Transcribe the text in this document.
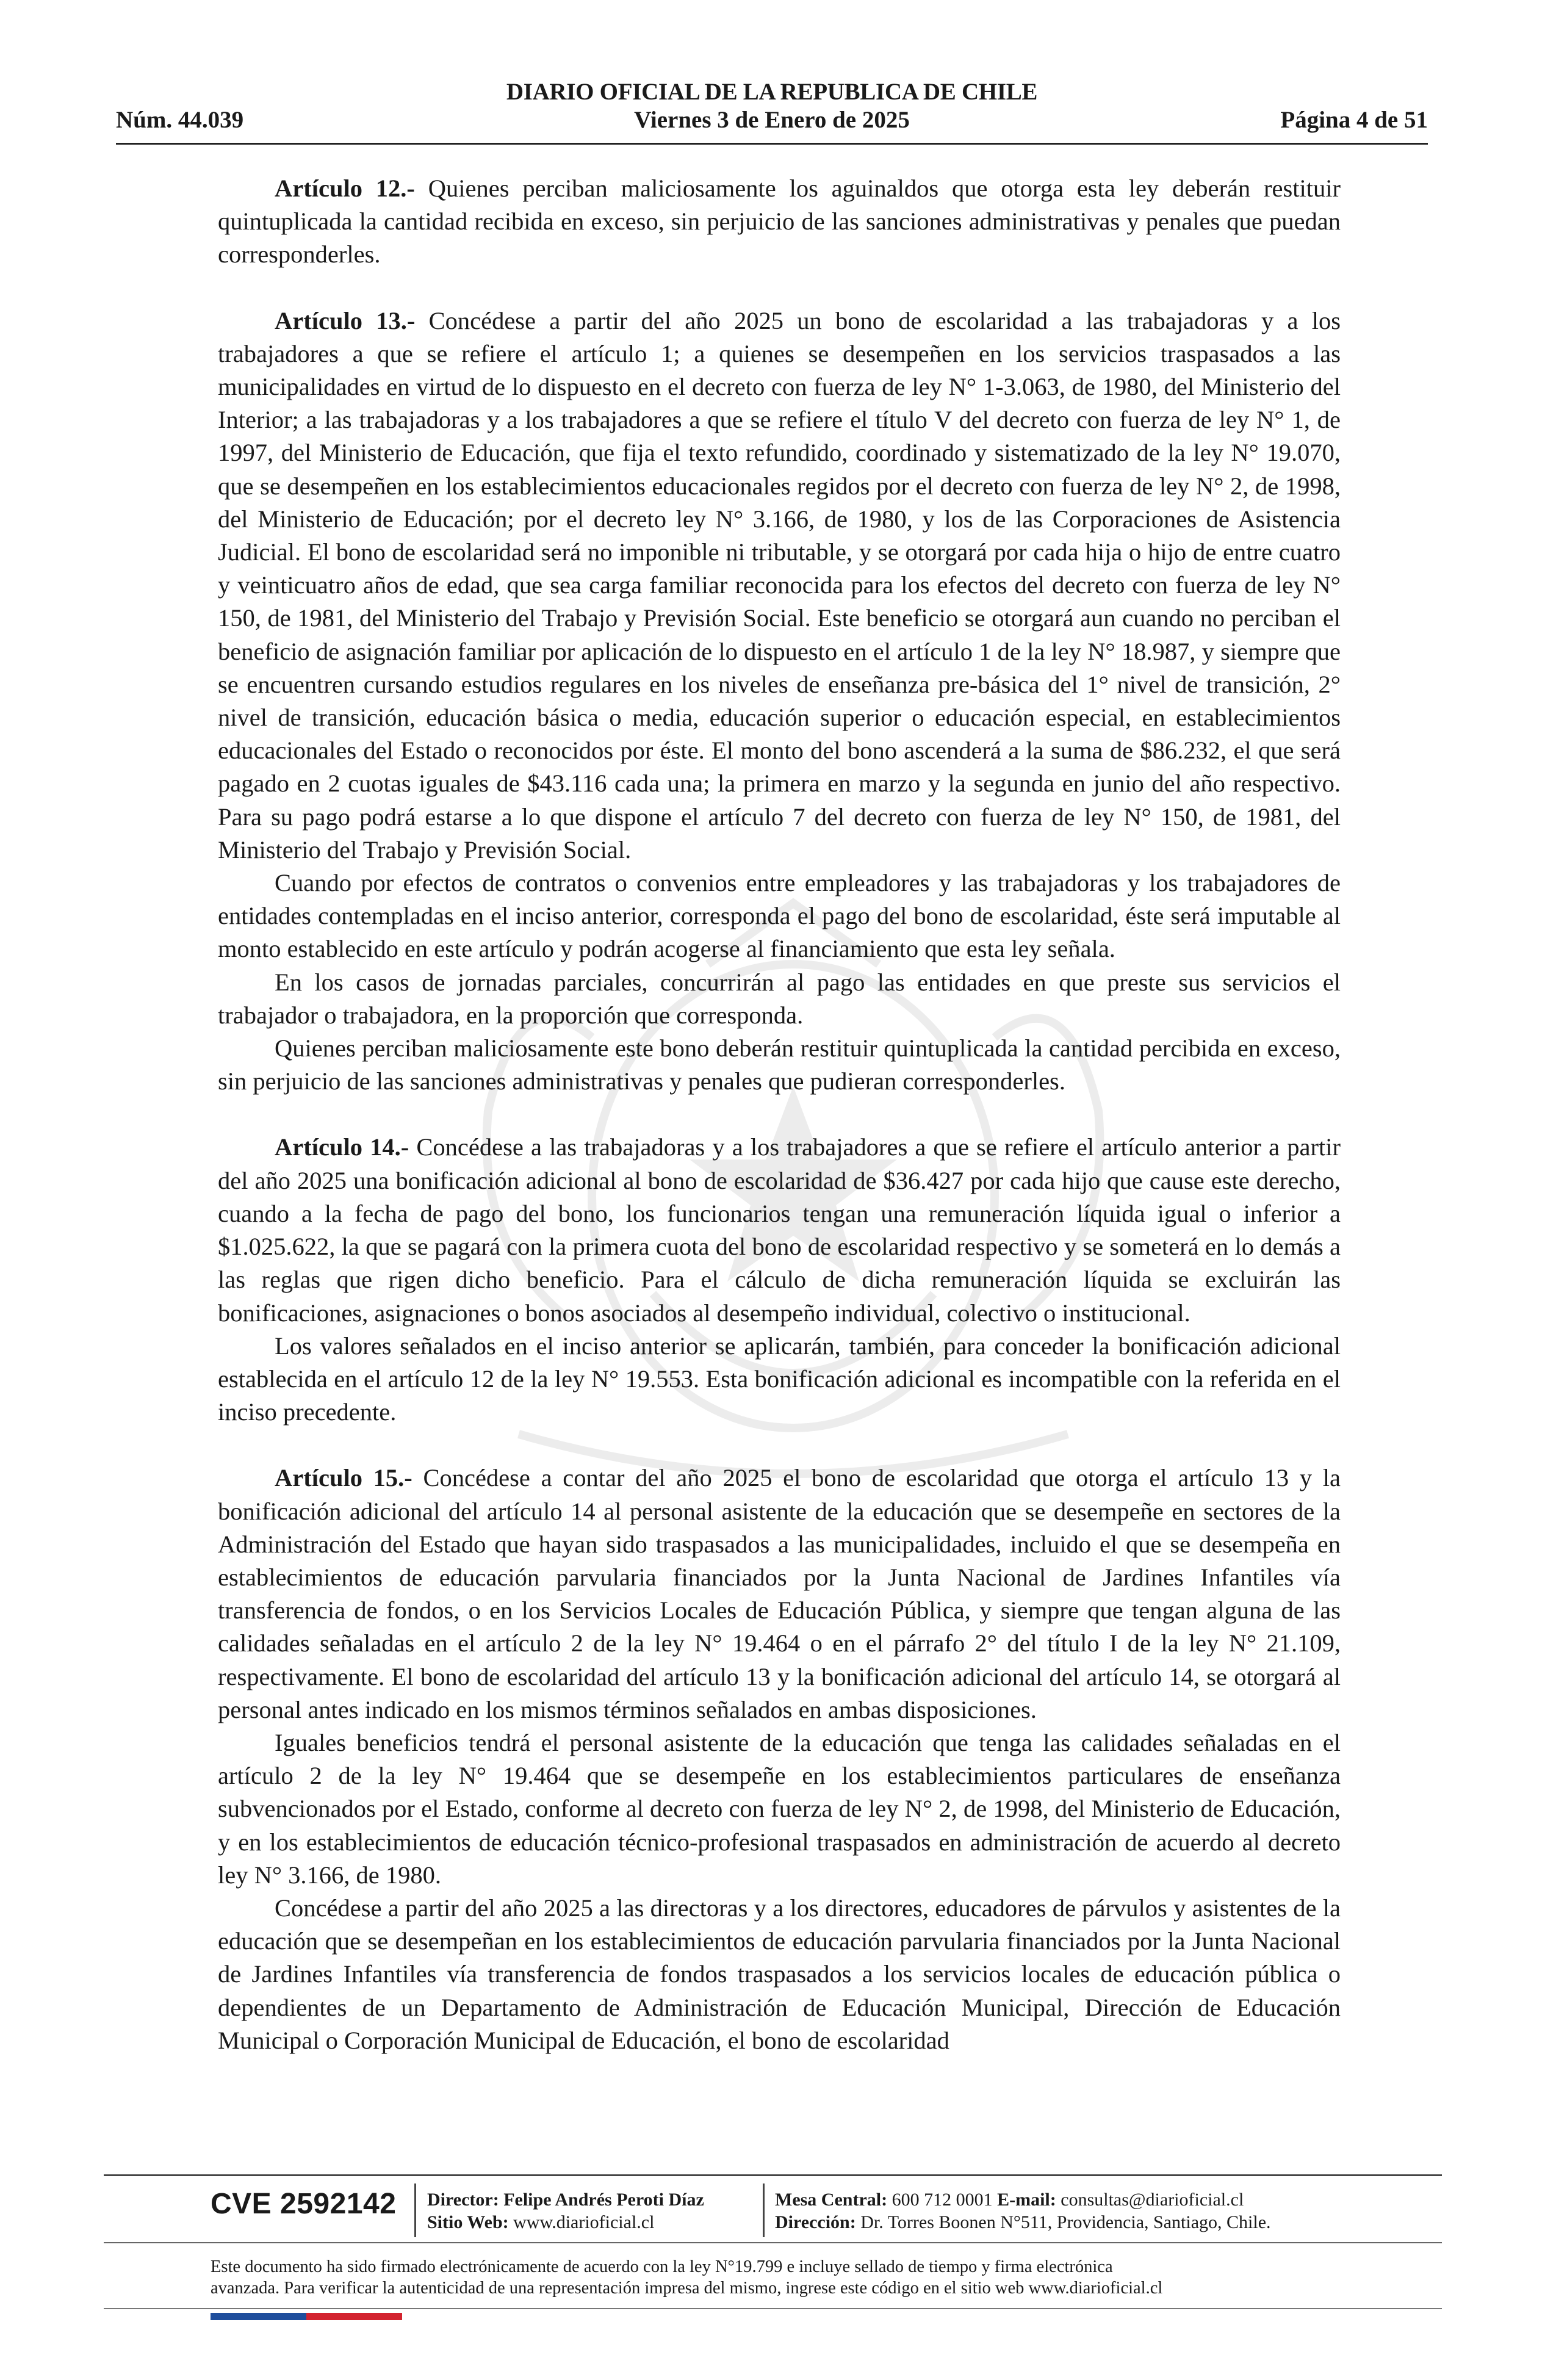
DIARIO OFICIAL DE LA REPUBLICA DE CHILE
Núm. 44.039	Viernes 3 de Enero de 2025	Página 4 de 51

Artículo 12.- Quienes perciban maliciosamente los aguinaldos que otorga esta ley deberán restituir quintuplicada la cantidad recibida en exceso, sin perjuicio de las sanciones administrativas y penales que puedan corresponderles.

Artículo 13.- Concédese a partir del año 2025 un bono de escolaridad a las trabajadoras y a los trabajadores a que se refiere el artículo 1; a quienes se desempeñen en los servicios traspasados a las municipalidades en virtud de lo dispuesto en el decreto con fuerza de ley N° 1-3.063, de 1980, del Ministerio del Interior; a las trabajadoras y a los trabajadores a que se refiere el título V del decreto con fuerza de ley N° 1, de 1997, del Ministerio de Educación, que fija el texto refundido, coordinado y sistematizado de la ley N° 19.070, que se desempeñen en los establecimientos educacionales regidos por el decreto con fuerza de ley N° 2, de 1998, del Ministerio de Educación; por el decreto ley N° 3.166, de 1980, y los de las Corporaciones de Asistencia Judicial. El bono de escolaridad será no imponible ni tributable, y se otorgará por cada hija o hijo de entre cuatro y veinticuatro años de edad, que sea carga familiar reconocida para los efectos del decreto con fuerza de ley N° 150, de 1981, del Ministerio del Trabajo y Previsión Social. Este beneficio se otorgará aun cuando no perciban el beneficio de asignación familiar por aplicación de lo dispuesto en el artículo 1 de la ley N° 18.987, y siempre que se encuentren cursando estudios regulares en los niveles de enseñanza pre-básica del 1° nivel de transición, 2° nivel de transición, educación básica o media, educación superior o educación especial, en establecimientos educacionales del Estado o reconocidos por éste. El monto del bono ascenderá a la suma de $86.232, el que será pagado en 2 cuotas iguales de $43.116 cada una; la primera en marzo y la segunda en junio del año respectivo. Para su pago podrá estarse a lo que dispone el artículo 7 del decreto con fuerza de ley N° 150, de 1981, del Ministerio del Trabajo y Previsión Social.

Cuando por efectos de contratos o convenios entre empleadores y las trabajadoras y los trabajadores de entidades contempladas en el inciso anterior, corresponda el pago del bono de escolaridad, éste será imputable al monto establecido en este artículo y podrán acogerse al financiamiento que esta ley señala.

En los casos de jornadas parciales, concurrirán al pago las entidades en que preste sus servicios el trabajador o trabajadora, en la proporción que corresponda.

Quienes perciban maliciosamente este bono deberán restituir quintuplicada la cantidad percibida en exceso, sin perjuicio de las sanciones administrativas y penales que pudieran corresponderles.

Artículo 14.- Concédese a las trabajadoras y a los trabajadores a que se refiere el artículo anterior a partir del año 2025 una bonificación adicional al bono de escolaridad de $36.427 por cada hijo que cause este derecho, cuando a la fecha de pago del bono, los funcionarios tengan una remuneración líquida igual o inferior a $1.025.622, la que se pagará con la primera cuota del bono de escolaridad respectivo y se someterá en lo demás a las reglas que rigen dicho beneficio. Para el cálculo de dicha remuneración líquida se excluirán las bonificaciones, asignaciones o bonos asociados al desempeño individual, colectivo o institucional.

Los valores señalados en el inciso anterior se aplicarán, también, para conceder la bonificación adicional establecida en el artículo 12 de la ley N° 19.553. Esta bonificación adicional es incompatible con la referida en el inciso precedente.

Artículo 15.- Concédese a contar del año 2025 el bono de escolaridad que otorga el artículo 13 y la bonificación adicional del artículo 14 al personal asistente de la educación que se desempeñe en sectores de la Administración del Estado que hayan sido traspasados a las municipalidades, incluido el que se desempeña en establecimientos de educación parvularia financiados por la Junta Nacional de Jardines Infantiles vía transferencia de fondos, o en los Servicios Locales de Educación Pública, y siempre que tengan alguna de las calidades señaladas en el artículo 2 de la ley N° 19.464 o en el párrafo 2° del título I de la ley N° 21.109, respectivamente. El bono de escolaridad del artículo 13 y la bonificación adicional del artículo 14, se otorgará al personal antes indicado en los mismos términos señalados en ambas disposiciones.

Iguales beneficios tendrá el personal asistente de la educación que tenga las calidades señaladas en el artículo 2 de la ley N° 19.464 que se desempeñe en los establecimientos particulares de enseñanza subvencionados por el Estado, conforme al decreto con fuerza de ley N° 2, de 1998, del Ministerio de Educación, y en los establecimientos de educación técnico-profesional traspasados en administración de acuerdo al decreto ley N° 3.166, de 1980.

Concédese a partir del año 2025 a las directoras y a los directores, educadores de párvulos y asistentes de la educación que se desempeñan en los establecimientos de educación parvularia financiados por la Junta Nacional de Jardines Infantiles vía transferencia de fondos traspasados a los servicios locales de educación pública o dependientes de un Departamento de Administración de Educación Municipal, Dirección de Educación Municipal o Corporación Municipal de Educación, el bono de escolaridad

CVE 2592142 Director: Felipe Andrés Peroti Díaz
Sitio Web: www.diarioficial.cl
Mesa Central: 600 712 0001 E-mail: consultas@diarioficial.cl
Dirección: Dr. Torres Boonen N°511, Providencia, Santiago, Chile.
Este documento ha sido firmado electrónicamente de acuerdo con la ley N°19.799 e incluye sellado de tiempo y firma electrónica
avanzada. Para verificar la autenticidad de una representación impresa del mismo, ingrese este código en el sitio web www.diarioficial.cl
